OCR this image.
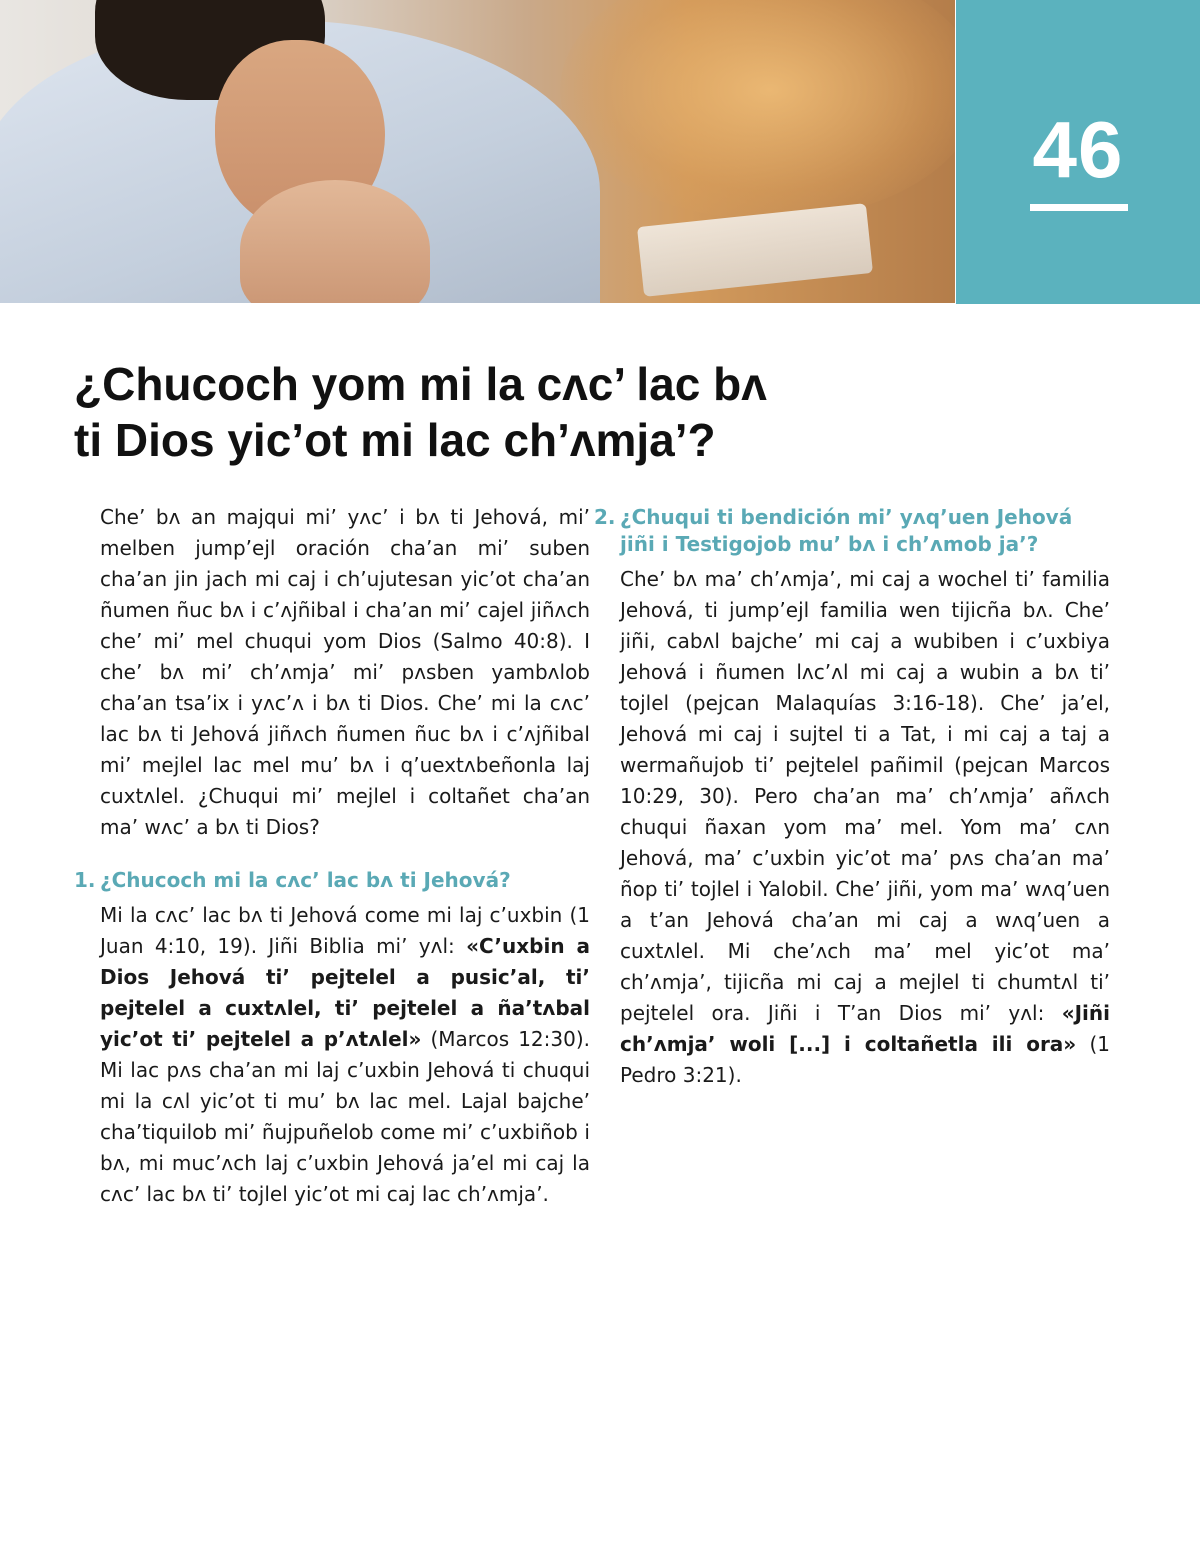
46
¿Chucoch yom mi la cʌc’ lac bʌ
ti Dios yic’ot mi lac ch’ʌmja’?

Che’ bʌ an majqui mi’ yʌc’ i bʌ ti Jehová, mi’ melben jump’ejl oración cha’an mi’ suben cha’an jin jach mi caj i ch’ujutesan yic’ot cha’an ñumen ñuc bʌ i c’ʌjñibal i cha’an mi’ cajel jiñʌch che’ mi’ mel chuqui yom Dios (Salmo 40:8). I che’ bʌ mi’ ch’ʌmja’ mi’ pʌsben yambʌlob cha’an tsa’ix i yʌc’ʌ i bʌ ti Dios. Che’ mi la cʌc’ lac bʌ ti Jehová jiñʌch ñumen ñuc bʌ i c’ʌjñibal mi’ mejlel lac mel mu’ bʌ i q’uextʌbeñonla laj cuxtʌlel. ¿Chuqui mi’ mejlel i coltañet cha’an ma’ wʌc’ a bʌ ti Dios?

1. ¿Chucoch mi la cʌc’ lac bʌ ti Jehová?

Mi la cʌc’ lac bʌ ti Jehová come mi laj c’uxbin (1 Juan 4:10, 19). Jiñi Biblia mi’ yʌl: «C’uxbin a Dios Jehová ti’ pejtelel a pusic’al, ti’ pejtelel a cuxtʌlel, ti’ pejtelel a ña’tʌbal yic’ot ti’ pejtelel a p’ʌtʌlel» (Marcos 12:30). Mi lac pʌs cha’an mi laj c’uxbin Jehová ti chuqui mi la cʌl yic’ot ti mu’ bʌ lac mel. Lajal bajche’ cha’tiquilob mi’ ñujpuñelob come mi’ c’uxbiñob i bʌ, mi muc’ʌch laj c’uxbin Jehová ja’el mi caj la cʌc’ lac bʌ ti’ tojlel yic’ot mi caj lac ch’ʌmja’.

2. ¿Chuqui ti bendición mi’ yʌq’uen Jehová jiñi i Testigojob mu’ bʌ i ch’ʌmob ja’?

Che’ bʌ ma’ ch’ʌmja’, mi caj a wochel ti’ familia Jehová, ti jump’ejl familia wen tijicña bʌ. Che’ jiñi, cabʌl bajche’ mi caj a wubiben i c’uxbiya Jehová i ñumen lʌc’ʌl mi caj a wubin a bʌ ti’ tojlel (pejcan Malaquías 3:16-18). Che’ ja’el, Jehová mi caj i sujtel ti a Tat, i mi caj a taj a wermañujob ti’ pejtelel pañimil (pejcan Marcos 10:29, 30). Pero cha’an ma’ ch’ʌmja’ añʌch chuqui ñaxan yom ma’ mel. Yom ma’ cʌn Jehová, ma’ c’uxbin yic’ot ma’ pʌs cha’an ma’ ñop ti’ tojlel i Yalobil. Che’ jiñi, yom ma’ wʌq’uen a t’an Jehová cha’an mi caj a wʌq’uen a cuxtʌlel. Mi che’ʌch ma’ mel yic’ot ma’ ch’ʌmja’, tijicña mi caj a mejlel ti chumtʌl ti’ pejtelel ora. Jiñi i T’an Dios mi’ yʌl: «Jiñi ch’ʌmja’ woli [...] i coltañetla ili ora» (1 Pedro 3:21).
